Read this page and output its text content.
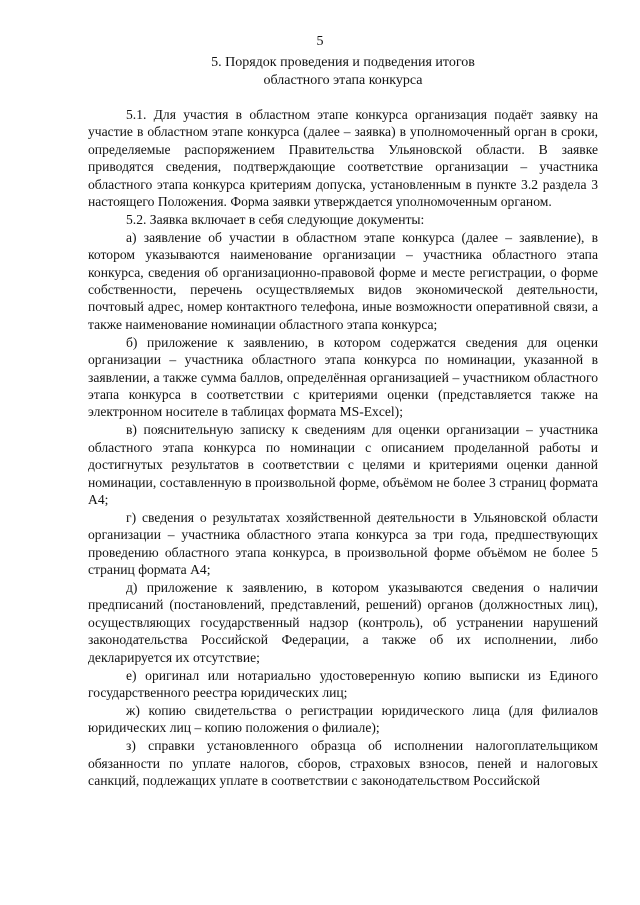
5
5. Порядок проведения и подведения итогов
областного этапа конкурса

5.1. Для участия в областном этапе конкурса организация подаёт заявку на участие в областном этапе конкурса (далее – заявка) в уполномоченный орган в сроки, определяемые распоряжением Правительства Ульяновской области. В заявке приводятся сведения, подтверждающие соответствие организации – участника областного этапа конкурса критериям допуска, установленным в пункте 3.2 раздела 3 настоящего Положения. Форма заявки утверждается уполномоченным органом.

5.2. Заявка включает в себя следующие документы:

а) заявление об участии в областном этапе конкурса (далее – заявление), в котором указываются наименование организации – участника областного этапа конкурса, сведения об организационно-правовой форме и месте регистрации, о форме собственности, перечень осуществляемых видов экономической деятельности, почтовый адрес, номер контактного телефона, иные возможности оперативной связи, а также наименование номинации областного этапа конкурса;

б) приложение к заявлению, в котором содержатся сведения для оценки организации – участника областного этапа конкурса по номинации, указанной в заявлении, а также сумма баллов, определённая организацией – участником областного этапа конкурса в соответствии с критериями оценки (представляется также на электронном носителе в таблицах формата MS-Excel);

в) пояснительную записку к сведениям для оценки организации – участника областного этапа конкурса по номинации с описанием проделанной работы и достигнутых результатов в соответствии с целями и критериями оценки данной номинации, составленную в произвольной форме, объёмом не более 3 страниц формата А4;

г) сведения о результатах хозяйственной деятельности в Ульяновской области организации – участника областного этапа конкурса за три года, предшествующих проведению областного этапа конкурса, в произвольной форме объёмом не более 5 страниц формата А4;

д) приложение к заявлению, в котором указываются сведения о наличии предписаний (постановлений, представлений, решений) органов (должностных лиц), осуществляющих государственный надзор (контроль), об устранении нарушений законодательства Российской Федерации, а также об их исполнении, либо декларируется их отсутствие;

е) оригинал или нотариально удостоверенную копию выписки из Единого государственного реестра юридических лиц;

ж) копию свидетельства о регистрации юридического лица (для филиалов юридических лиц – копию положения о филиале);

з) справки установленного образца об исполнении налогоплательщиком обязанности по уплате налогов, сборов, страховых взносов, пеней и налоговых санкций, подлежащих уплате в соответствии с законодательством Российской
